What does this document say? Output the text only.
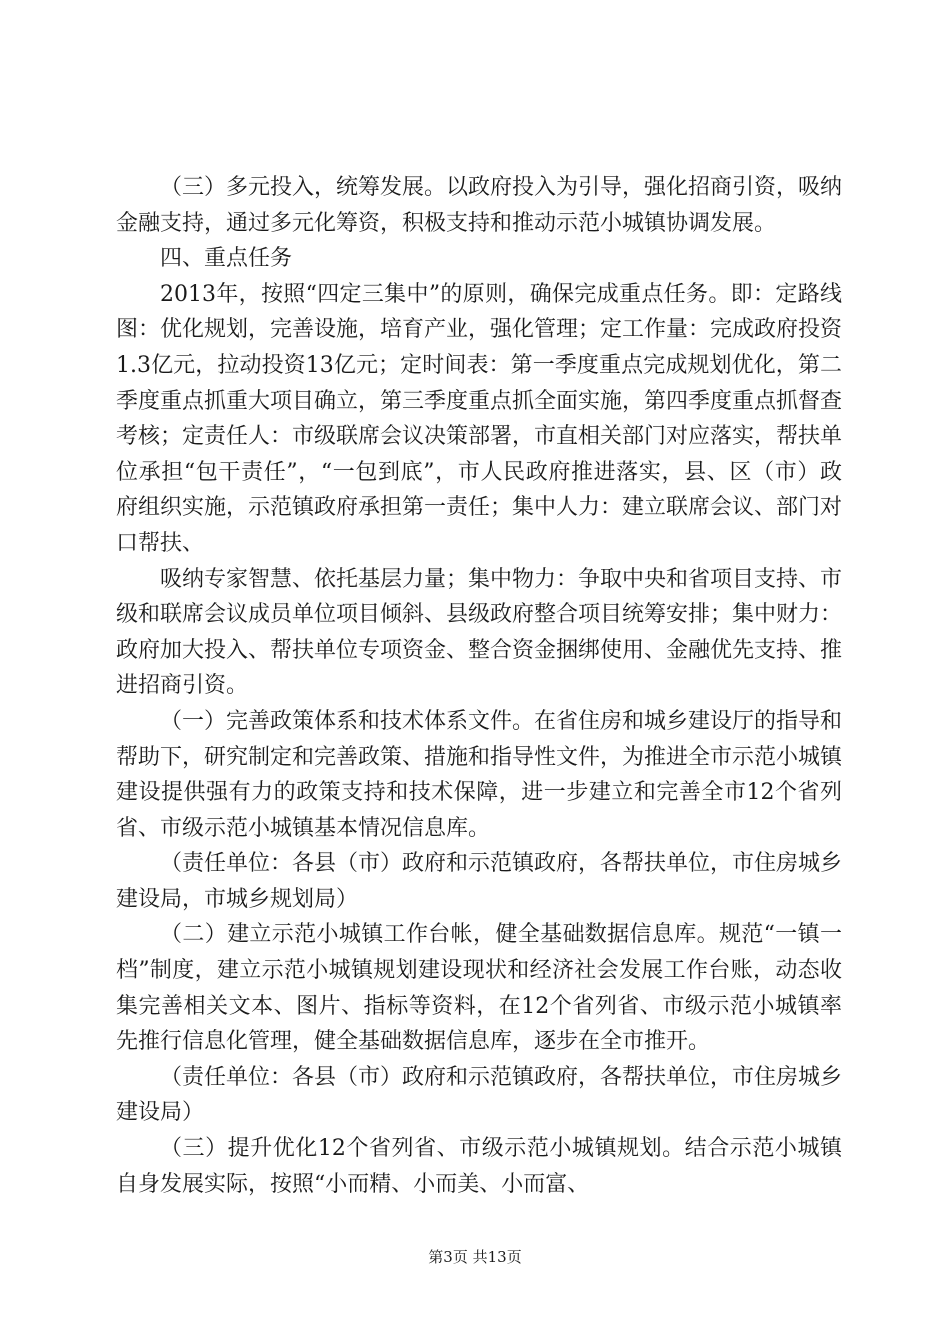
（三）多元投入，统筹发展。以政府投入为引导，强化招商引资，吸纳金融支持，通过多元化筹资，积极支持和推动示范小城镇协调发展。

四、重点任务

2013年，按照“四定三集中”的原则，确保完成重点任务。即：定路线图：优化规划，完善设施，培育产业，强化管理；定工作量：完成政府投资1.3亿元，拉动投资13亿元；定时间表：第一季度重点完成规划优化，第二季度重点抓重大项目确立，第三季度重点抓全面实施，第四季度重点抓督查考核；定责任人：市级联席会议决策部署，市直相关部门对应落实，帮扶单位承担“包干责任”，“一包到底”，市人民政府推进落实，县、区（市）政府组织实施，示范镇政府承担第一责任；集中人力：建立联席会议、部门对口帮扶、

吸纳专家智慧、依托基层力量；集中物力：争取中央和省项目支持、市级和联席会议成员单位项目倾斜、县级政府整合项目统筹安排；集中财力：政府加大投入、帮扶单位专项资金、整合资金捆绑使用、金融优先支持、推进招商引资。

（一）完善政策体系和技术体系文件。在省住房和城乡建设厅的指导和帮助下，研究制定和完善政策、措施和指导性文件，为推进全市示范小城镇建设提供强有力的政策支持和技术保障，进一步建立和完善全市12个省列省、市级示范小城镇基本情况信息库。

（责任单位：各县（市）政府和示范镇政府，各帮扶单位，市住房城乡建设局，市城乡规划局）

（二）建立示范小城镇工作台帐，健全基础数据信息库。规范“一镇一档”制度，建立示范小城镇规划建设现状和经济社会发展工作台账，动态收集完善相关文本、图片、指标等资料，在12个省列省、市级示范小城镇率先推行信息化管理，健全基础数据信息库，逐步在全市推开。

（责任单位：各县（市）政府和示范镇政府，各帮扶单位，市住房城乡建设局）

（三）提升优化12个省列省、市级示范小城镇规划。结合示范小城镇自身发展实际，按照“小而精、小而美、小而富、

第3页 共13页
